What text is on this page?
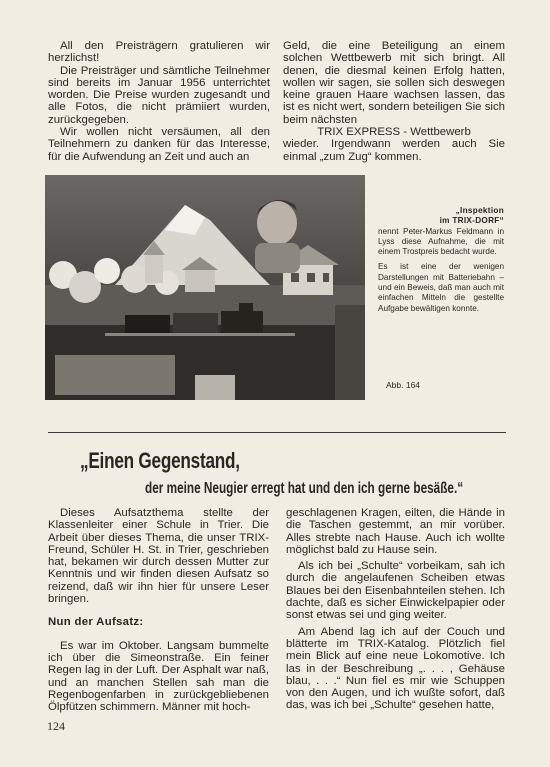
All den Preisträgern gratulieren wir herzlichst!

Die Preisträger und sämtliche Teilnehmer sind bereits im Januar 1956 unterrichtet worden. Die Preise wurden zugesandt und alle Fotos, die nicht prämiiert wurden, zurückgegeben.

Wir wollen nicht versäumen, all den Teilnehmern zu danken für das Interesse, für die Aufwendung an Zeit und auch an

Geld, die eine Beteiligung an einem solchen Wettbewerb mit sich bringt. All denen, die diesmal keinen Erfolg hatten, wollen wir sagen, sie sollen sich deswegen keine grauen Haare wachsen lassen, das ist es nicht wert, sondern beteiligen Sie sich beim nächsten

TRIX EXPRESS - Wettbewerb

wieder. Irgendwann werden auch Sie einmal „zum Zug“ kommen.

„Inspektion

im TRIX-DORF“

nennt Peter-Markus Feldmann in Lyss diese Aufnahme, die mit einem Trostpreis bedacht wurde.

Es ist eine der wenigen Darstellungen mit Batteriebahn – und ein Beweis, daß man auch mit einfachen Mitteln die gestellte Aufgabe bewältigen konnte.

Abb. 164
„Einen Gegenstand,
der meine Neugier erregt hat und den ich gerne besäße.“

Dieses Aufsatzthema stellte der Klassenleiter einer Schule in Trier. Die Arbeit über dieses Thema, die unser TRIX-Freund, Schüler H. St. in Trier, geschrieben hat, bekamen wir durch dessen Mutter zur Kenntnis und wir finden diesen Aufsatz so reizend, daß wir ihn hier für unsere Leser bringen.

Nun der Aufsatz:

Es war im Oktober. Langsam bummelte ich über die Simeonstraße. Ein feiner Regen lag in der Luft. Der Asphalt war naß, und an manchen Stellen sah man die Regenbogenfarben in zurückgebliebenen Ölpfützen schimmern. Männer mit hoch-

geschlagenen Kragen, eilten, die Hände in die Taschen gestemmt, an mir vorüber. Alles strebte nach Hause. Auch ich wollte möglichst bald zu Hause sein.

Als ich bei „Schulte“ vorbeikam, sah ich durch die angelaufenen Scheiben etwas Blaues bei den Eisenbahnteilen stehen. Ich dachte, daß es sicher Einwickelpapier oder sonst etwas sei und ging weiter.

Am Abend lag ich auf der Couch und blätterte im TRIX-Katalog. Plötzlich fiel mein Blick auf eine neue Lokomotive. Ich las in der Beschreibung „. . . , Gehäuse blau, . . .“ Nun fiel es mir wie Schuppen von den Augen, und ich wußte sofort, daß das, was ich bei „Schulte“ gesehen hatte,

124
